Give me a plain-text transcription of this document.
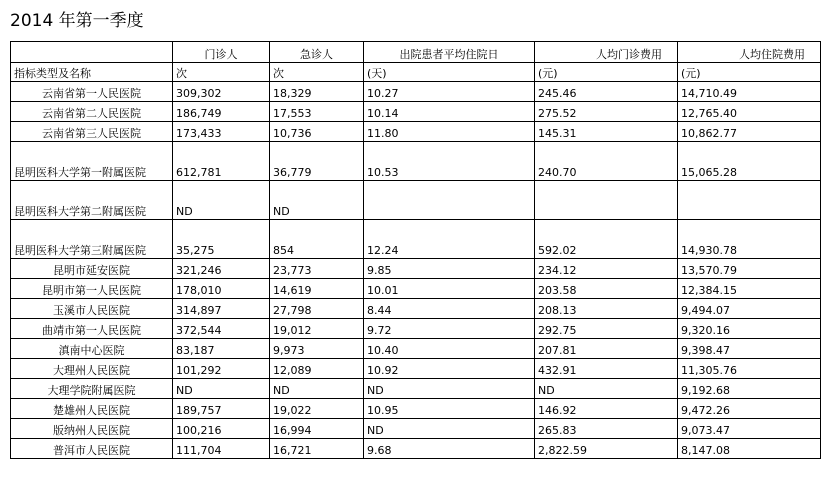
2014 年第一季度

	门诊人	急诊人	出院患者平均住院日	人均门诊费用	人均住院费用

指标类型及名称	次	次	(天)	(元)	(元)

云南省第一人民医院	309,302	18,329	10.27	245.46	14,710.49
云南省第二人民医院	186,749	17,553	10.14	275.52	12,765.40
云南省第三人民医院	173,433	10,736	11.80	145.31	10,862.77
昆明医科大学第一附属医院	612,781	36,779	10.53	240.70	15,065.28
昆明医科大学第二附属医院	ND	ND			
昆明医科大学第三附属医院	35,275	854	12.24	592.02	14,930.78
昆明市延安医院	321,246	23,773	9.85	234.12	13,570.79
昆明市第一人民医院	178,010	14,619	10.01	203.58	12,384.15
玉溪市人民医院	314,897	27,798	8.44	208.13	9,494.07
曲靖市第一人民医院	372,544	19,012	9.72	292.75	9,320.16
滇南中心医院	83,187	9,973	10.40	207.81	9,398.47
大理州人民医院	101,292	12,089	10.92	432.91	11,305.76
大理学院附属医院	ND	ND	ND	ND	9,192.68
楚雄州人民医院	189,757	19,022	10.95	146.92	9,472.26
版纳州人民医院	100,216	16,994	ND	265.83	9,073.47
普洱市人民医院	111,704	16,721	9.68	2,822.59	8,147.08
